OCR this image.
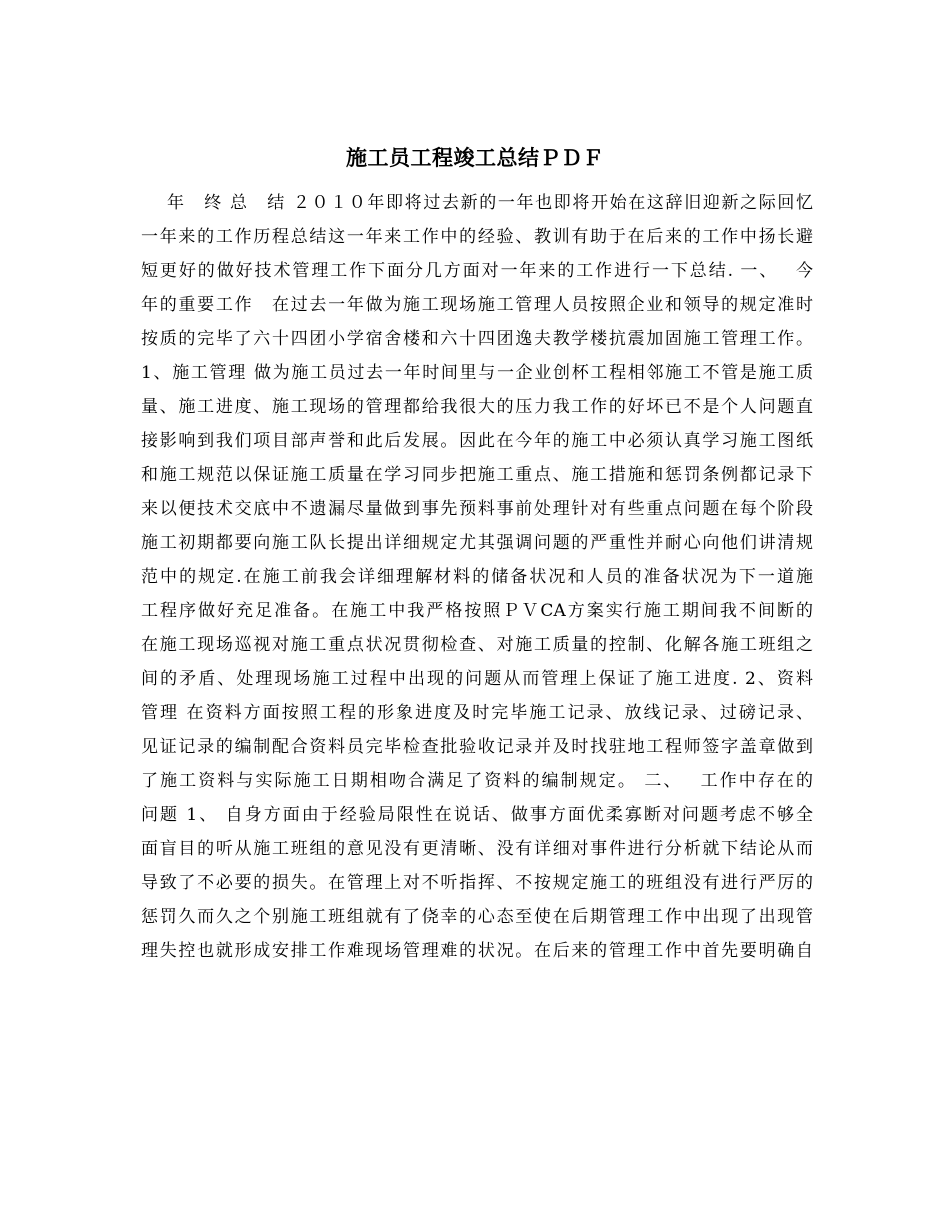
施工员工程竣工总结ＰＤＦ
年　终 总　结 ２０１０年即将过去新的一年也即将开始在这辞旧迎新之际回忆
一年来的工作历程总结这一年来工作中的经验、教训有助于在后来的工作中扬长避
短更好的做好技术管理工作下面分几方面对一年来的工作进行一下总结. 一、　 今
年的重要工作　在过去一年做为施工现场施工管理人员按照企业和领导的规定准时
按质的完毕了六十四团小学宿舍楼和六十四团逸夫教学楼抗震加固施工管理工作。
1、施工管理 做为施工员过去一年时间里与一企业创杯工程相邻施工不管是施工质
量、施工进度、施工现场的管理都给我很大的压力我工作的好坏已不是个人问题直
接影响到我们项目部声誉和此后发展。因此在今年的施工中必须认真学习施工图纸
和施工规范以保证施工质量在学习同步把施工重点、施工措施和惩罚条例都记录下
来以便技术交底中不遗漏尽量做到事先预料事前处理针对有些重点问题在每个阶段
施工初期都要向施工队长提出详细规定尤其强调问题的严重性并耐心向他们讲清规
范中的规定.在施工前我会详细理解材料的储备状况和人员的准备状况为下一道施
工程序做好充足准备。在施工中我严格按照ＰＶCA方案实行施工期间我不间断的
在施工现场巡视对施工重点状况贯彻检查、对施工质量的控制、化解各施工班组之
间的矛盾、处理现场施工过程中出现的问题从而管理上保证了施工进度. 2、资料
管理 在资料方面按照工程的形象进度及时完毕施工记录、放线记录、过磅记录、
见证记录的编制配合资料员完毕检查批验收记录并及时找驻地工程师签字盖章做到
了施工资料与实际施工日期相吻合满足了资料的编制规定。 二、　 工作中存在的
问题 1、 自身方面由于经验局限性在说话、做事方面优柔寡断对问题考虑不够全
面盲目的听从施工班组的意见没有更清晰、没有详细对事件进行分析就下结论从而
导致了不必要的损失。在管理上对不听指挥、不按规定施工的班组没有进行严厉的
惩罚久而久之个别施工班组就有了侥幸的心态至使在后期管理工作中出现了出现管
理失控也就形成安排工作难现场管理难的状况。在后来的管理工作中首先要明确自
